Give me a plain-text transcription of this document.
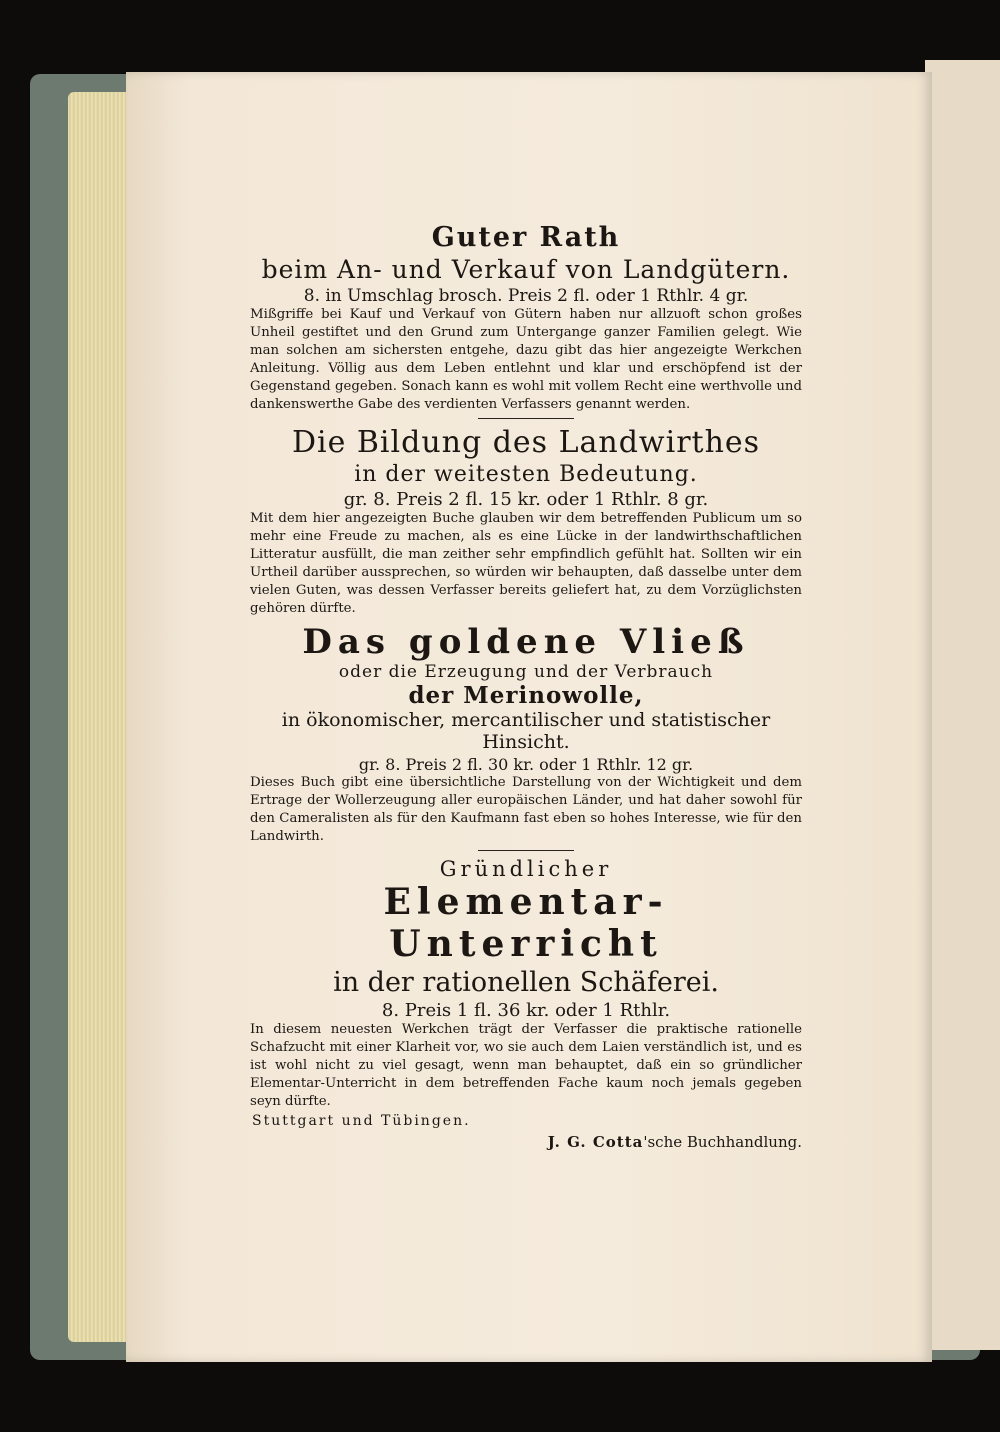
Guter Rath

beim An- und Verkauf von Landgütern.

8. in Umschlag brosch. Preis 2 fl. oder 1 Rthlr. 4 gr.

Mißgriffe bei Kauf und Verkauf von Gütern haben nur allzuoft schon großes Unheil gestiftet und den Grund zum Untergange ganzer Familien gelegt. Wie man solchen am sichersten entgehe, dazu gibt das hier angezeigte Werkchen Anleitung. Völlig aus dem Leben entlehnt und klar und erschöpfend ist der Gegenstand gegeben. Sonach kann es wohl mit vollem Recht eine werthvolle und dankenswerthe Gabe des verdienten Verfassers genannt werden.

Die Bildung des Landwirthes

in der weitesten Bedeutung.

gr. 8. Preis 2 fl. 15 kr. oder 1 Rthlr. 8 gr.

Mit dem hier angezeigten Buche glauben wir dem betreffenden Publicum um so mehr eine Freude zu machen, als es eine Lücke in der landwirthschaftlichen Litteratur ausfüllt, die man zeither sehr empfindlich gefühlt hat. Sollten wir ein Urtheil darüber aussprechen, so würden wir behaupten, daß dasselbe unter dem vielen Guten, was dessen Verfasser bereits geliefert hat, zu dem Vorzüglichsten gehören dürfte.

Das goldene Vließ

oder die Erzeugung und der Verbrauch

der Merinowolle,

in ökonomischer, mercantilischer und statistischer Hinsicht.

gr. 8. Preis 2 fl. 30 kr. oder 1 Rthlr. 12 gr.

Dieses Buch gibt eine übersichtliche Darstellung von der Wichtigkeit und dem Ertrage der Wollerzeugung aller europäischen Länder, und hat daher sowohl für den Cameralisten als für den Kaufmann fast eben so hohes Interesse, wie für den Landwirth.

Gründlicher

Elementar-Unterricht

in der rationellen Schäferei.

8. Preis 1 fl. 36 kr. oder 1 Rthlr.

In diesem neuesten Werkchen trägt der Verfasser die praktische rationelle Schafzucht mit einer Klarheit vor, wo sie auch dem Laien verständlich ist, und es ist wohl nicht zu viel gesagt, wenn man behauptet, daß ein so gründlicher Elementar-Unterricht in dem betreffenden Fache kaum noch jemals gegeben seyn dürfte.

Stuttgart und Tübingen.

J. G. Cotta'sche Buchhandlung.
